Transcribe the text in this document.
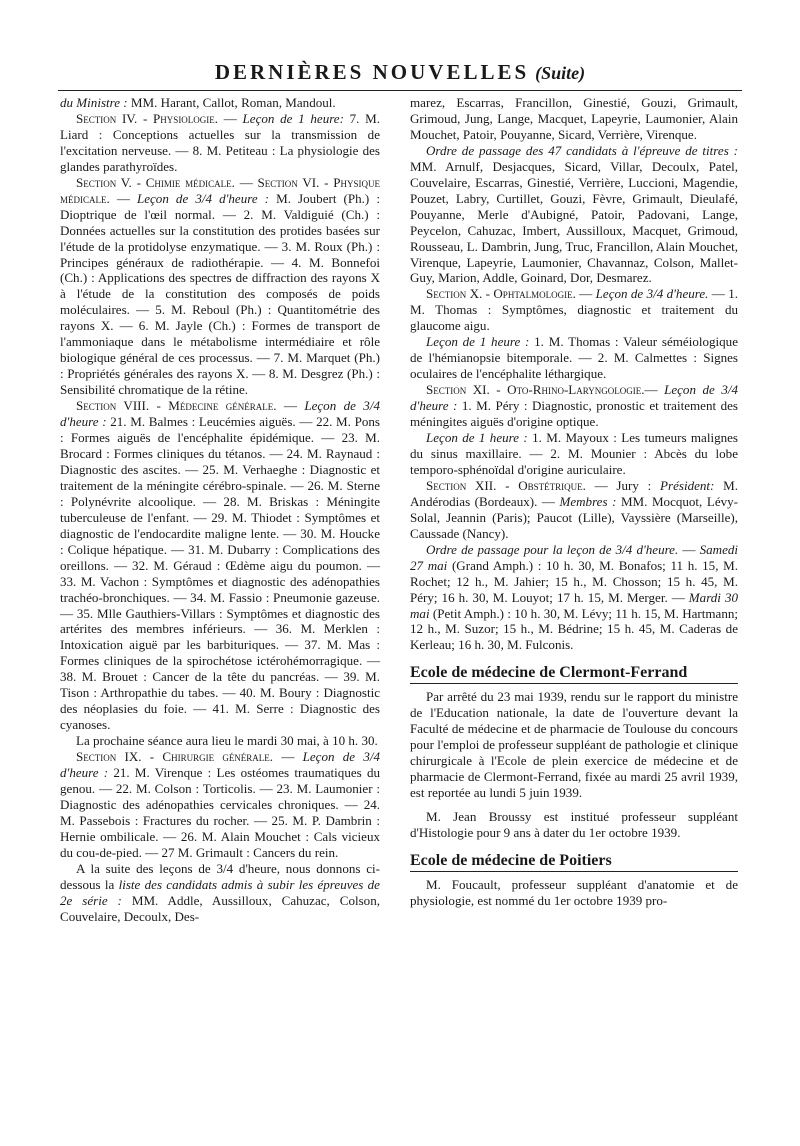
DERNIÈRES NOUVELLES (Suite)

du Ministre : MM. Harant, Callot, Roman, Mandoul.

Section IV. - Physiologie. — Leçon de 1 heure: 7. M. Liard : Conceptions actuelles sur la transmission de l'excitation nerveuse. — 8. M. Petiteau : La physiologie des glandes parathyroïdes.

Section V. - Chimie médicale. — Section VI. - Physique médicale. — Leçon de 3/4 d'heure : M. Joubert (Ph.) : Dioptrique de l'œil normal. — 2. M. Valdiguié (Ch.) : Données actuelles sur la constitution des protides basées sur l'étude de la protidolyse enzymatique. — 3. M. Roux (Ph.) : Principes généraux de radiothérapie. — 4. M. Bonnefoi (Ch.) : Applications des spectres de diffraction des rayons X à l'étude de la constitution des composés de poids moléculaires. — 5. M. Reboul (Ph.) : Quantitométrie des rayons X. — 6. M. Jayle (Ch.) : Formes de transport de l'ammoniaque dans le métabolisme intermédiaire et rôle biologique général de ces processus. — 7. M. Marquet (Ph.) : Propriétés générales des rayons X. — 8. M. Desgrez (Ph.) : Sensibilité chromatique de la rétine.

Section VIII. - Médecine générale. — Leçon de 3/4 d'heure : 21. M. Balmes : Leucémies aiguës. — 22. M. Pons : Formes aiguës de l'encéphalite épidémique. — 23. M. Brocard : Formes cliniques du tétanos. — 24. M. Raynaud : Diagnostic des ascites. — 25. M. Verhaeghe : Diagnostic et traitement de la méningite cérébro-spinale. — 26. M. Sterne : Polynévrite alcoolique. — 28. M. Briskas : Méningite tuberculeuse de l'enfant. — 29. M. Thiodet : Symptômes et diagnostic de l'endocardite maligne lente. — 30. M. Houcke : Colique hépatique. — 31. M. Dubarry : Complications des oreillons. — 32. M. Géraud : Œdème aigu du poumon. — 33. M. Vachon : Symptômes et diagnostic des adénopathies trachéo-bronchiques. — 34. M. Fassio : Pneumonie gazeuse. — 35. Mlle Gauthiers-Villars : Symptômes et diagnostic des artérites des membres inférieurs. — 36. M. Merklen : Intoxication aiguë par les barbituriques. — 37. M. Mas : Formes cliniques de la spirochétose ictérohémorragique. — 38. M. Brouet : Cancer de la tête du pancréas. — 39. M. Tison : Arthropathie du tabes. — 40. M. Boury : Diagnostic des néoplasies du foie. — 41. M. Serre : Diagnostic des cyanoses.

La prochaine séance aura lieu le mardi 30 mai, à 10 h. 30.

Section IX. - Chirurgie générale. — Leçon de 3/4 d'heure : 21. M. Virenque : Les ostéomes traumatiques du genou. — 22. M. Colson : Torticolis. — 23. M. Laumonier : Diagnostic des adénopathies cervicales chroniques. — 24. M. Passebois : Fractures du rocher. — 25. M. P. Dambrin : Hernie ombilicale. — 26. M. Alain Mouchet : Cals vicieux du cou-de-pied. — 27 M. Grimault : Cancers du rein.

A la suite des leçons de 3/4 d'heure, nous donnons ci-dessous la liste des candidats admis à subir les épreuves de 2e série : MM. Addle, Aussilloux, Cahuzac, Colson, Couvelaire, Decoulx, Des-

marez, Escarras, Francillon, Ginestié, Gouzi, Grimault, Grimoud, Jung, Lange, Macquet, Lapeyrie, Laumonier, Alain Mouchet, Patoir, Pouyanne, Sicard, Verrière, Virenque.

Ordre de passage des 47 candidats à l'épreuve de titres : MM. Arnulf, Desjacques, Sicard, Villar, Decoulx, Patel, Couvelaire, Escarras, Ginestié, Verrière, Luccioni, Magendie, Pouzet, Labry, Curtillet, Gouzi, Fèvre, Grimault, Dieulafé, Pouyanne, Merle d'Aubigné, Patoir, Padovani, Lange, Peycelon, Cahuzac, Imbert, Aussilloux, Macquet, Grimoud, Rousseau, L. Dambrin, Jung, Truc, Francillon, Alain Mouchet, Virenque, Lapeyrie, Laumonier, Chavannaz, Colson, Mallet-Guy, Marion, Addle, Goinard, Dor, Desmarez.

Section X. - Ophtalmologie. — Leçon de 3/4 d'heure. — 1. M. Thomas : Symptômes, diagnostic et traitement du glaucome aigu.

Leçon de 1 heure : 1. M. Thomas : Valeur séméiologique de l'hémianopsie bitemporale. — 2. M. Calmettes : Signes oculaires de l'encéphalite léthargique.

Section XI. - Oto-Rhino-Laryngologie.— Leçon de 3/4 d'heure : 1. M. Péry : Diagnostic, pronostic et traitement des méningites aiguës d'origine optique.

Leçon de 1 heure : 1. M. Mayoux : Les tumeurs malignes du sinus maxillaire. — 2. M. Mounier : Abcès du lobe temporo-sphénoïdal d'origine auriculaire.

Section XII. - Obstétrique. — Jury : Président: M. Andérodias (Bordeaux). — Membres : MM. Mocquot, Lévy-Solal, Jeannin (Paris); Paucot (Lille), Vayssière (Marseille), Caussade (Nancy).

Ordre de passage pour la leçon de 3/4 d'heure. — Samedi 27 mai (Grand Amph.) : 10 h. 30, M. Bonafos; 11 h. 15, M. Rochet; 12 h., M. Jahier; 15 h., M. Chosson; 15 h. 45, M. Péry; 16 h. 30, M. Louyot; 17 h. 15, M. Merger. — Mardi 30 mai (Petit Amph.) : 10 h. 30, M. Lévy; 11 h. 15, M. Hartmann; 12 h., M. Suzor; 15 h., M. Bédrine; 15 h. 45, M. Caderas de Kerleau; 16 h. 30, M. Fulconis.

Ecole de médecine de Clermont-Ferrand

Par arrêté du 23 mai 1939, rendu sur le rapport du ministre de l'Education nationale, la date de l'ouverture devant la Faculté de médecine et de pharmacie de Toulouse du concours pour l'emploi de professeur suppléant de pathologie et clinique chirurgicale à l'Ecole de plein exercice de médecine et de pharmacie de Clermont-Ferrand, fixée au mardi 25 avril 1939, est reportée au lundi 5 juin 1939.

M. Jean Broussy est institué professeur suppléant d'Histologie pour 9 ans à dater du 1er octobre 1939.

Ecole de médecine de Poitiers

M. Foucault, professeur suppléant d'anatomie et de physiologie, est nommé du 1er octobre 1939 pro-
